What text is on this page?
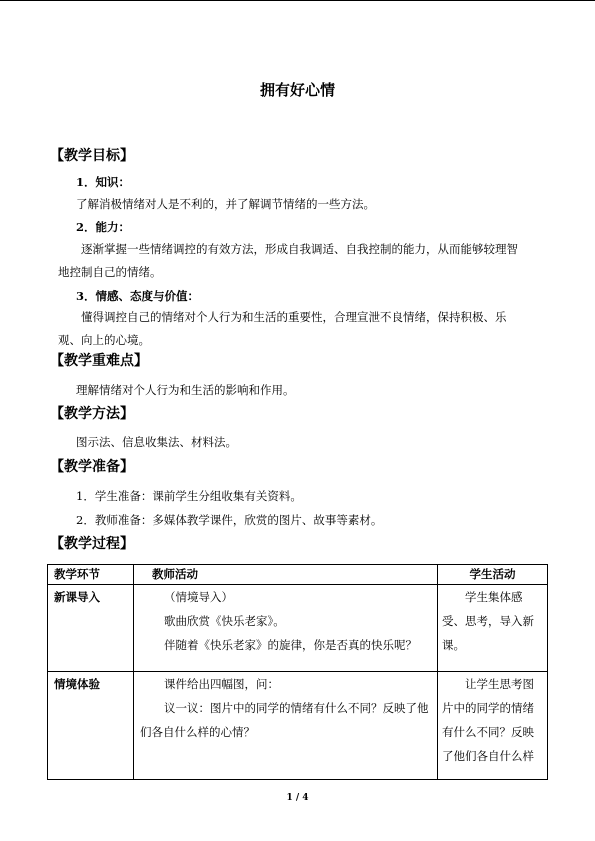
拥有好心情
【教学目标】
1．知识：
了解消极情绪对人是不利的，并了解调节情绪的一些方法。
2．能力：
逐渐掌握一些情绪调控的有效方法，形成自我调适、自我控制的能力，从而能够较理智地控制自己的情绪。
3．情感、态度与价值：
懂得调控自己的情绪对个人行为和生活的重要性，合理宣泄不良情绪，保持积极、乐观、向上的心境。
【教学重难点】
理解情绪对个人行为和生活的影响和作用。
【教学方法】
图示法、信息收集法、材料法。
【教学准备】
1．学生准备：课前学生分组收集有关资料。
2．教师准备：多媒体教学课件，欣赏的图片、故事等素材。
【教学过程】
教学环节	教师活动	学生活动
新课导入	（情境导入）
歌曲欣赏《快乐老家》。
伴随着《快乐老家》的旋律，你是否真的快乐呢？	学生集体感受、思考，导入新课。

情境体验	课件给出四幅图，问：
议一议：图片中的同学的情绪有什么不同？反映了他们各自什么样的心情？	让学生思考图片中的同学的情绪有什么不同？反映了他们各自什么样
1 / 4
